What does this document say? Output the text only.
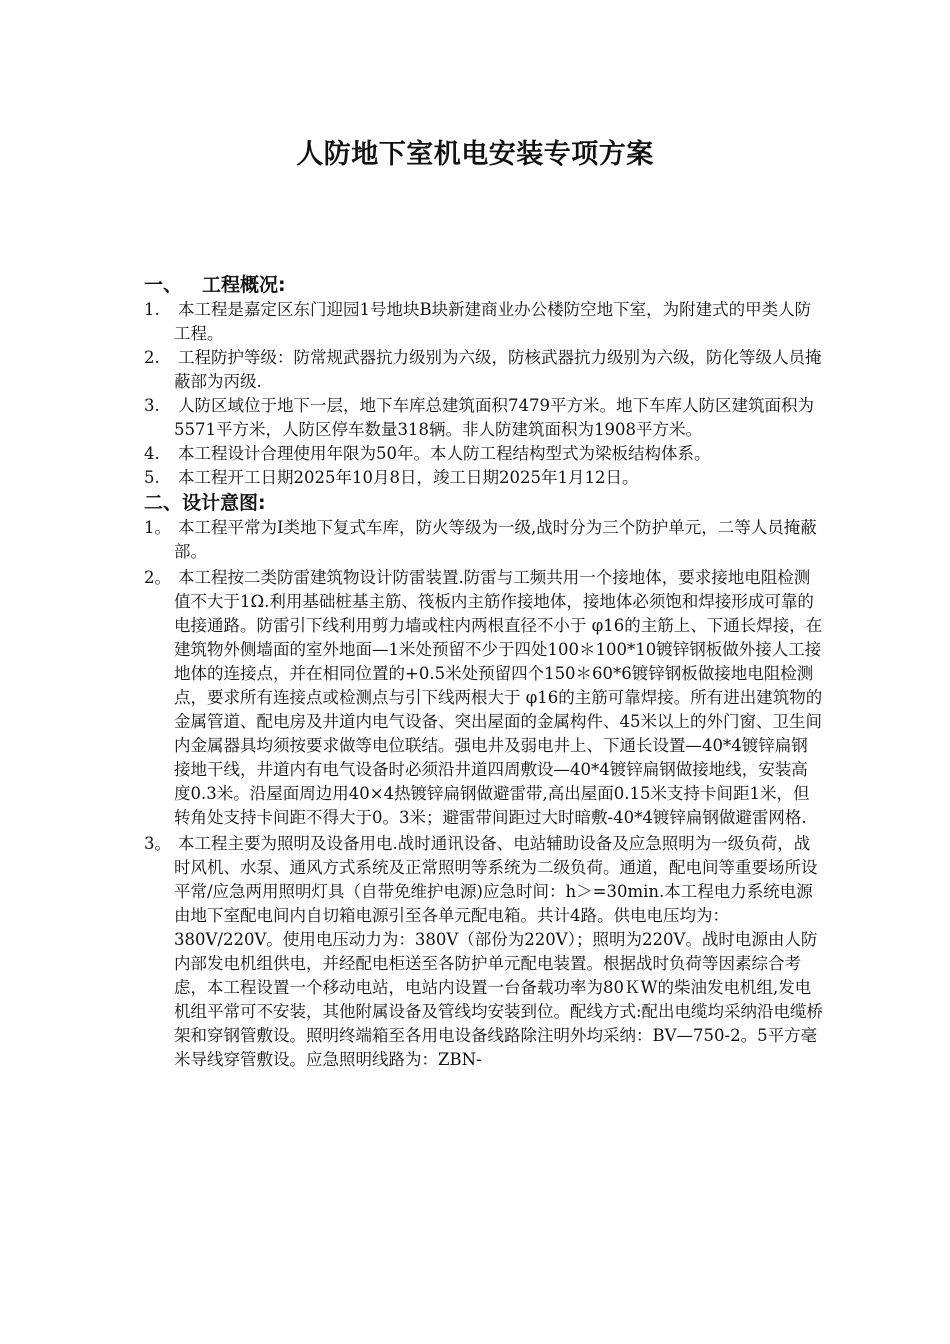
人防地下室机电安装专项方案
一、 工程概况:
1.	本工程是嘉定区东门迎园1号地块B块新建商业办公楼防空地下室，为附建式的甲类人防工程。
2.	工程防护等级：防常规武器抗力级别为六级，防核武器抗力级别为六级，防化等级人员掩蔽部为丙级.
3.	人防区域位于地下一层，地下车库总建筑面积7479平方米。地下车库人防区建筑面积为5571平方米，人防区停车数量318辆。非人防建筑面积为1908平方米。
4.	本工程设计合理使用年限为50年。本人防工程结构型式为梁板结构体系。
5.	本工程开工日期2025年10月8日，竣工日期2025年1月12日。
二、设计意图:
1。 本工程平常为Ⅰ类地下复式车库，防火等级为一级,战时分为三个防护单元，二等人员掩蔽部。
2。 本工程按二类防雷建筑物设计防雷装置.防雷与工频共用一个接地体，要求接地电阻检测值不大于1Ω.利用基础桩基主筋、筏板内主筋作接地体，接地体必须饱和焊接形成可靠的电接通路。防雷引下线利用剪力墙或柱内两根直径不小于 φ16的主筋上、下通长焊接，在建筑物外侧墙面的室外地面—1米处预留不少于四处100＊100*10镀锌钢板做外接人工接地体的连接点，并在相同位置的+0.5米处预留四个150＊60*6镀锌钢板做接地电阻检测点，要求所有连接点或检测点与引下线两根大于 φ16的主筋可靠焊接。所有进出建筑物的金属管道、配电房及井道内电气设备、突出屋面的金属构件、45米以上的外门窗、卫生间内金属器具均须按要求做等电位联结。强电井及弱电井上、下通长设置—40*4镀锌扁钢接地干线，井道内有电气设备时必须沿井道四周敷设—40*4镀锌扁钢做接地线，安装高度0.3米。沿屋面周边用40×4热镀锌扁钢做避雷带,高出屋面0.15米支持卡间距1米，但转角处支持卡间距不得大于0。3米；避雷带间距过大时暗敷-40*4镀锌扁钢做避雷网格.
3。 本工程主要为照明及设备用电.战时通讯设备、电站辅助设备及应急照明为一级负荷，战时风机、水泵、通风方式系统及正常照明等系统为二级负荷。通道，配电间等重要场所设平常/应急两用照明灯具（自带免维护电源)应急时间：h＞=30min.本工程电力系统电源由地下室配电间内自切箱电源引至各单元配电箱。共计4路。供电电压均为：380V/220V。使用电压动力为：380V（部份为220V）；照明为220V。战时电源由人防内部发电机组供电，并经配电柜送至各防护单元配电装置。根据战时负荷等因素综合考虑，本工程设置一个移动电站，电站内设置一台备载功率为80ＫW的柴油发电机组,发电机组平常可不安装，其他附属设备及管线均安装到位。配线方式:配出电缆均采纳沿电缆桥架和穿钢管敷设。照明终端箱至各用电设备线路除注明外均采纳：BV—750-2。5平方毫米导线穿管敷设。应急照明线路为：ZBN-
